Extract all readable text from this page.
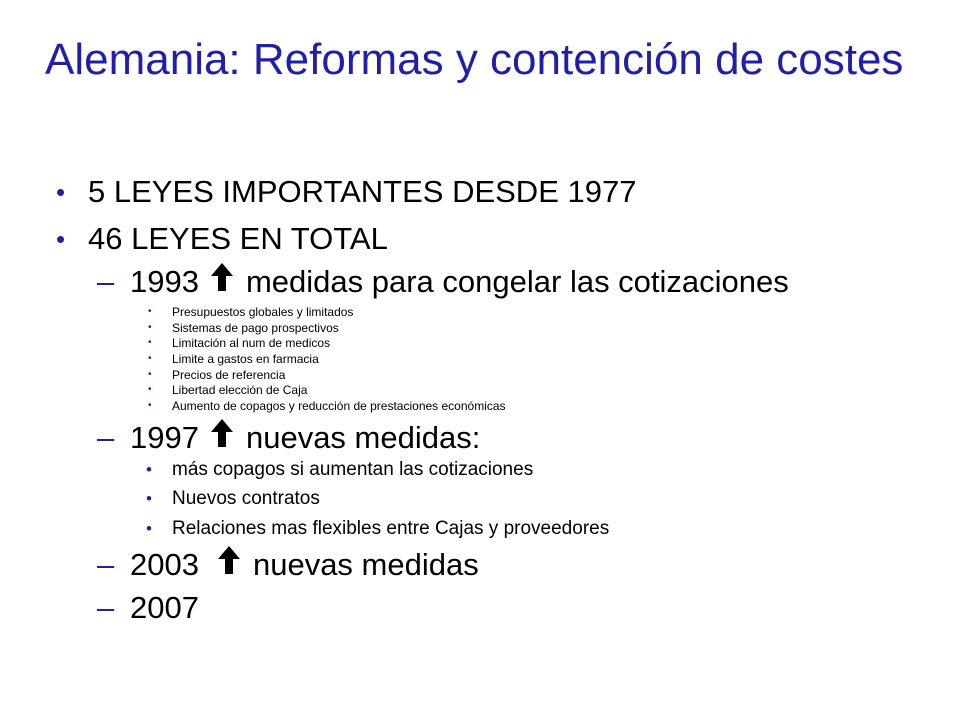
Alemania: Reformas y contención de costes
• 5 LEYES IMPORTANTES DESDE 1977
• 46 LEYES EN TOTAL
– 1993 medidas para congelar las cotizaciones
• Presupuestos globales y limitados
• Sistemas de pago prospectivos
• Limitación al num de medicos
• Limite a gastos en farmacia
• Precios de referencia
• Libertad elección de Caja
• Aumento de copagos y reducción de prestaciones económicas
– 1997 nuevas medidas:
• más copagos si aumentan las cotizaciones
• Nuevos contratos
• Relaciones mas flexibles entre Cajas y proveedores
– 2003 nuevas medidas
– 2007
